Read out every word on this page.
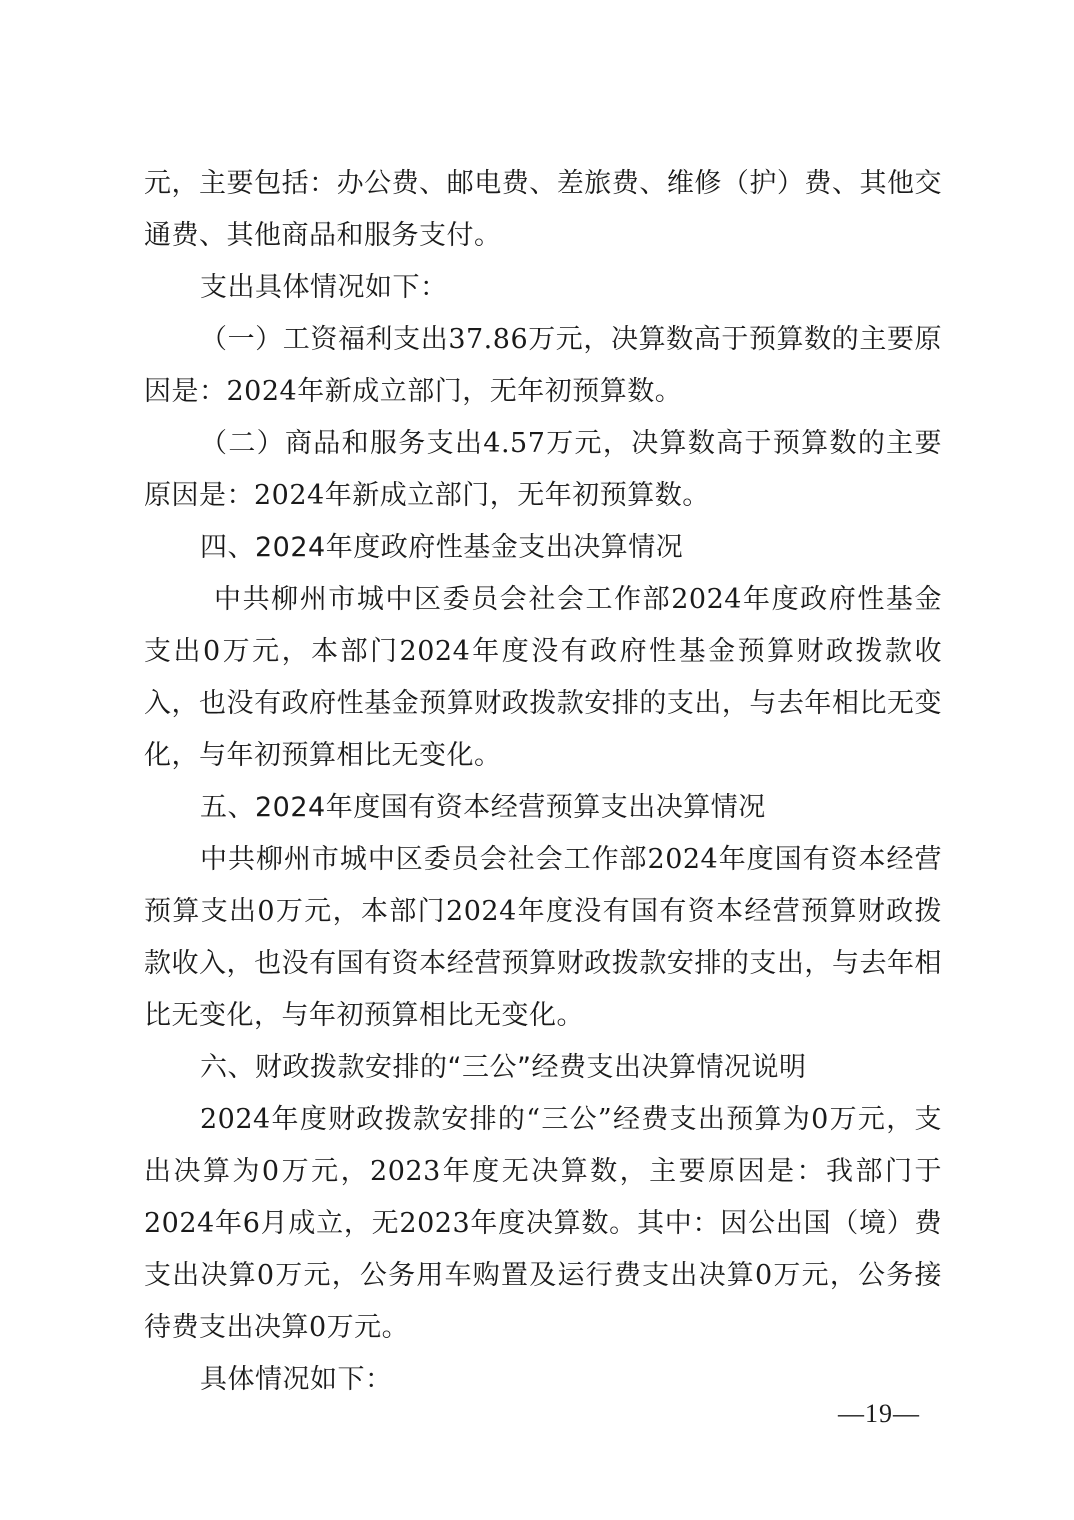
元，主要包括：办公费、邮电费、差旅费、维修（护）费、其他交通费、其他商品和服务支付。

支出具体情况如下：

（一）工资福利支出37.86万元，决算数高于预算数的主要原因是：2024年新成立部门，无年初预算数。

（二）商品和服务支出4.57万元，决算数高于预算数的主要原因是：2024年新成立部门，无年初预算数。

四、2024年度政府性基金支出决算情况

中共柳州市城中区委员会社会工作部2024年度政府性基金支出0万元，本部门2024年度没有政府性基金预算财政拨款收入，也没有政府性基金预算财政拨款安排的支出，与去年相比无变化，与年初预算相比无变化。

五、2024年度国有资本经营预算支出决算情况

中共柳州市城中区委员会社会工作部2024年度国有资本经营预算支出0万元，本部门2024年度没有国有资本经营预算财政拨款收入，也没有国有资本经营预算财政拨款安排的支出，与去年相比无变化，与年初预算相比无变化。

六、财政拨款安排的“三公”经费支出决算情况说明

2024年度财政拨款安排的“三公”经费支出预算为0万元，支出决算为0万元，2023年度无决算数，主要原因是：我部门于2024年6月成立，无2023年度决算数。其中：因公出国（境）费支出决算0万元，公务用车购置及运行费支出决算0万元，公务接待费支出决算0万元。

具体情况如下：

—19—
